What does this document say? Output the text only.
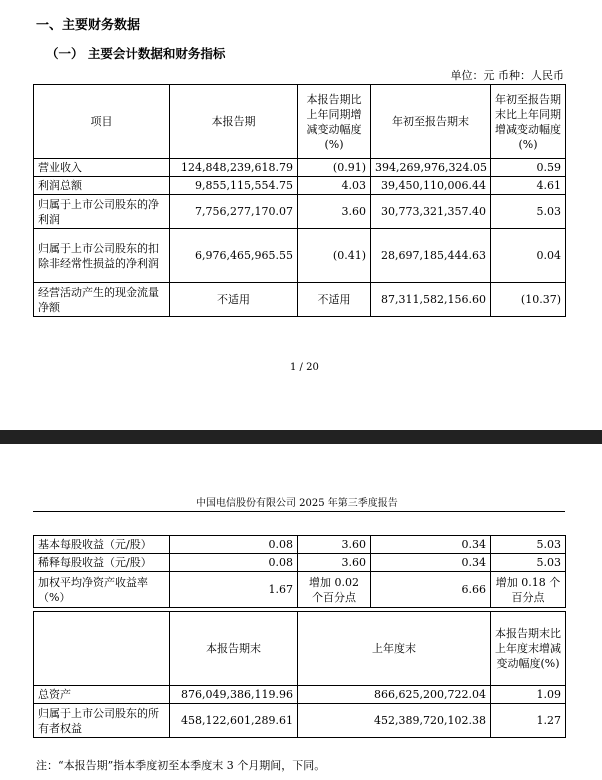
一、主要财务数据
（一） 主要会计数据和财务指标
单位：元 币种：人民币
项目	本报告期	本报告期比上年同期增减变动幅度(%)	年初至报告期末	年初至报告期末比上年同期增减变动幅度(%)
营业收入	124,848,239,618.79	(0.91)	394,269,976,324.05	0.59
利润总额	9,855,115,554.75	4.03	39,450,110,006.44	4.61
归属于上市公司股东的净利润	7,756,277,170.07	3.60	30,773,321,357.40	5.03
归属于上市公司股东的扣除非经常性损益的净利润	6,976,465,965.55	(0.41)	28,697,185,444.63	0.04
经营活动产生的现金流量净额	不适用	不适用	87,311,582,156.60	(10.37)
1 / 20
中国电信股份有限公司 2025 年第三季度报告
基本每股收益（元/股）	0.08	3.60	0.34	5.03
稀释每股收益（元/股）	0.08	3.60	0.34	5.03
加权平均净资产收益率（%）	1.67	增加 0.02 个百分点	6.66	增加 0.18 个百分点
	本报告期末	上年度末	本报告期末比上年度末增减变动幅度(%)
总资产	876,049,386,119.96	866,625,200,722.04	1.09
归属于上市公司股东的所有者权益	458,122,601,289.61	452,389,720,102.38	1.27
注：“本报告期”指本季度初至本季度末 3 个月期间，下同。
